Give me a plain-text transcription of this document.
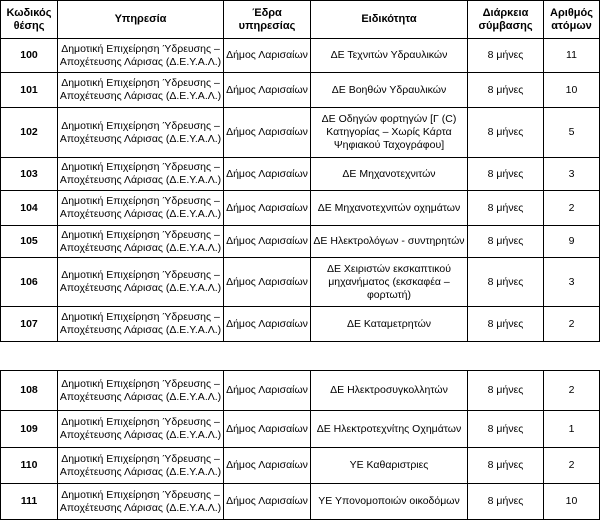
Κωδικός θέσης	Υπηρεσία	Έδρα υπηρεσίας	Ειδικότητα	Διάρκεια σύμβασης	Αριθμός ατόμων
100	Δημοτική Επιχείρηση Ύδρευσης – Αποχέτευσης Λάρισας (Δ.Ε.Υ.Α.Λ.)	Δήμος Λαρισαίων	ΔΕ Τεχνιτών Υδραυλικών	8 μήνες	11
101	Δημοτική Επιχείρηση Ύδρευσης – Αποχέτευσης Λάρισας (Δ.Ε.Υ.Α.Λ.)	Δήμος Λαρισαίων	ΔΕ Βοηθών Υδραυλικών	8 μήνες	10
102	Δημοτική Επιχείρηση Ύδρευσης – Αποχέτευσης Λάρισας (Δ.Ε.Υ.Α.Λ.)	Δήμος Λαρισαίων	ΔΕ Οδηγών φορτηγών [Γ (C) Κατηγορίας – Χωρίς Κάρτα Ψηφιακού Ταχογράφου]	8 μήνες	5
103	Δημοτική Επιχείρηση Ύδρευσης – Αποχέτευσης Λάρισας (Δ.Ε.Υ.Α.Λ.)	Δήμος Λαρισαίων	ΔΕ Μηχανοτεχνιτών	8 μήνες	3
104	Δημοτική Επιχείρηση Ύδρευσης – Αποχέτευσης Λάρισας (Δ.Ε.Υ.Α.Λ.)	Δήμος Λαρισαίων	ΔΕ Μηχανοτεχνιτών οχημάτων	8 μήνες	2
105	Δημοτική Επιχείρηση Ύδρευσης – Αποχέτευσης Λάρισας (Δ.Ε.Υ.Α.Λ.)	Δήμος Λαρισαίων	ΔΕ Ηλεκτρολόγων - συντηρητών	8 μήνες	9
106	Δημοτική Επιχείρηση Ύδρευσης – Αποχέτευσης Λάρισας (Δ.Ε.Υ.Α.Λ.)	Δήμος Λαρισαίων	ΔΕ Χειριστών εκσκαπτικού μηχανήματος (εκσκαφέα – φορτωτή)	8 μήνες	3
107	Δημοτική Επιχείρηση Ύδρευσης – Αποχέτευσης Λάρισας (Δ.Ε.Υ.Α.Λ.)	Δήμος Λαρισαίων	ΔΕ Καταμετρητών	8 μήνες	2
108	Δημοτική Επιχείρηση Ύδρευσης – Αποχέτευσης Λάρισας (Δ.Ε.Υ.Α.Λ.)	Δήμος Λαρισαίων	ΔΕ Ηλεκτροσυγκολλητών	8 μήνες	2
109	Δημοτική Επιχείρηση Ύδρευσης – Αποχέτευσης Λάρισας (Δ.Ε.Υ.Α.Λ.)	Δήμος Λαρισαίων	ΔΕ Ηλεκτροτεχνίτης Οχημάτων	8 μήνες	1
110	Δημοτική Επιχείρηση Ύδρευσης – Αποχέτευσης Λάρισας (Δ.Ε.Υ.Α.Λ.)	Δήμος Λαρισαίων	ΥΕ Καθαριστριες	8 μήνες	2
111	Δημοτική Επιχείρηση Ύδρευσης – Αποχέτευσης Λάρισας (Δ.Ε.Υ.Α.Λ.)	Δήμος Λαρισαίων	ΥΕ Υπονομοποιών οικοδόμων	8 μήνες	10
